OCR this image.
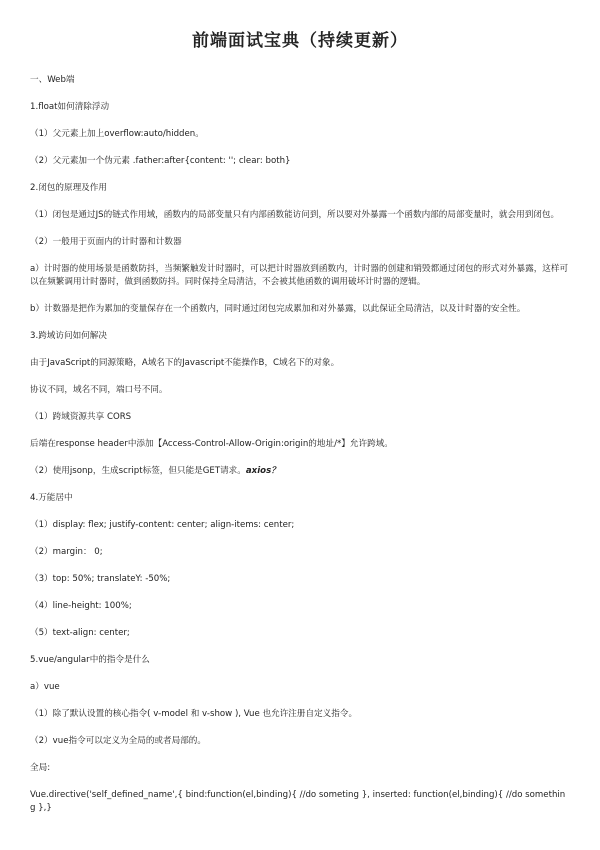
前端面试宝典（持续更新）

一、Web端

1.float如何清除浮动

（1）父元素上加上overflow:auto/hidden。

（2）父元素加一个伪元素 .father:after{content: ''; clear: both}

2.闭包的原理及作用

（1）闭包是通过JS的链式作用域，函数内的局部变量只有内部函数能访问到，所以要对外暴露一个函数内部的局部变量时，就会用到闭包。

（2）一般用于页面内的计时器和计数器

a）计时器的使用场景是函数防抖，当频繁触发计时器时，可以把计时器放到函数内，计时器的创建和销毁都通过闭包的形式对外暴露，这样可以在频繁调用计时器时，做到函数防抖。同时保持全局清洁，不会被其他函数的调用破坏计时器的逻辑。

b）计数器是把作为累加的变量保存在一个函数内，同时通过闭包完成累加和对外暴露，以此保证全局清洁，以及计时器的安全性。

3.跨域访问如何解决

由于JavaScript的同源策略，A域名下的Javascript不能操作B，C域名下的对象。

协议不同，域名不同，端口号不同。

（1）跨域资源共享 CORS

后端在response header中添加【Access-Control-Allow-Origin:origin的地址/*】允许跨域。

（2）使用jsonp，生成script标签，但只能是GET请求。axios？

4.万能居中

（1）display: flex; justify-content: center; align-items: center;

（2）margin： 0;

（3）top: 50%; translateY: -50%;

（4）line-height: 100%;

（5）text-align: center;

5.vue/angular中的指令是什么

a）vue

（1）除了默认设置的核心指令( v-model 和 v-show ), Vue 也允许注册自定义指令。

（2）vue指令可以定义为全局的或者局部的。

全局:

Vue.directive('self_defined_name',{ bind:function(el,binding){ //do someting }, inserted: function(el,binding){ //do something },}
